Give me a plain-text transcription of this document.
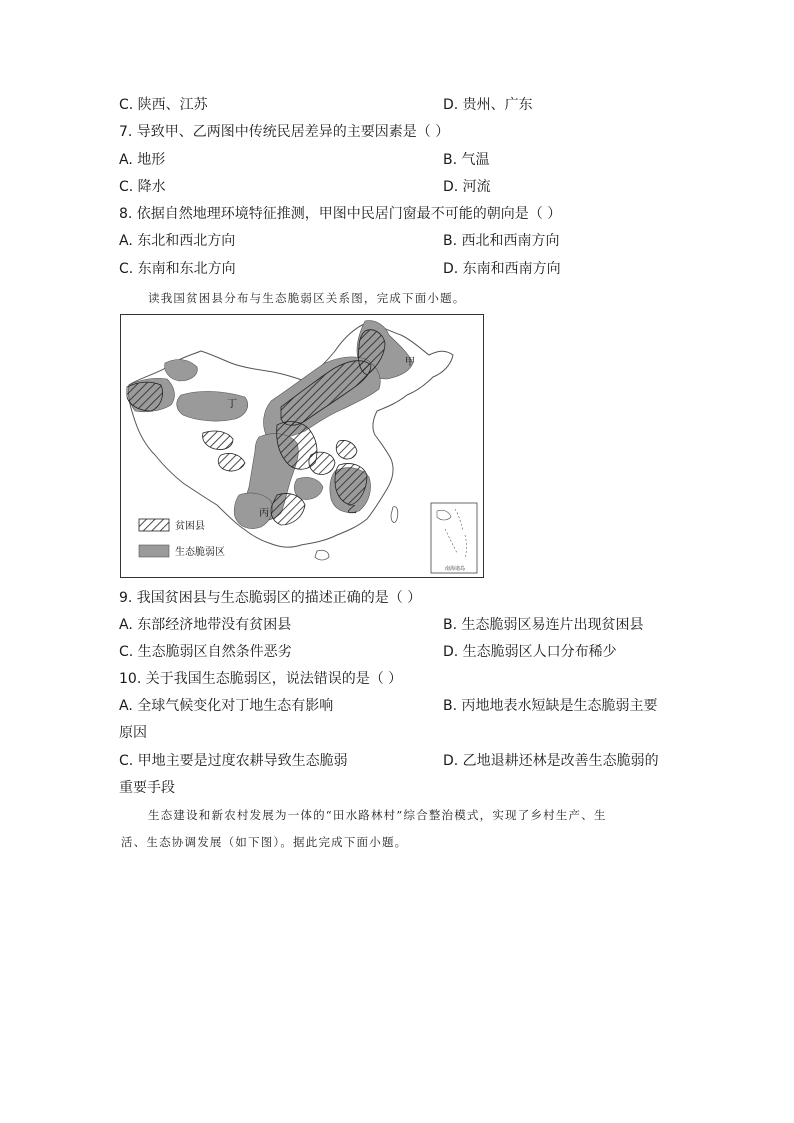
C. 陕西、江苏	D. 贵州、广东
7. 导致甲、乙两图中传统民居差异的主要因素是（ ）
A. 地形	B. 气温
C. 降水	D. 河流
8. 依据自然地理环境特征推测，甲图中民居门窗最不可能的朝向是（ ）
A. 东北和西北方向	B. 西北和西南方向
C. 东南和东北方向	D. 东南和西南方向
读我国贫困县分布与生态脆弱区关系图，完成下面小题。
甲
乙
丙
丁
贫困县
生态脆弱区
南海诸岛
9. 我国贫困县与生态脆弱区的描述正确的是（ ）
A. 东部经济地带没有贫困县	B. 生态脆弱区易连片出现贫困县
C. 生态脆弱区自然条件恶劣	D. 生态脆弱区人口分布稀少
10. 关于我国生态脆弱区，说法错误的是（ ）
A. 全球气候变化对丁地生态有影响	B. 丙地地表水短缺是生态脆弱主要
原因
C. 甲地主要是过度农耕导致生态脆弱	D. 乙地退耕还林是改善生态脆弱的
重要手段
生态建设和新农村发展为一体的“田水路林村”综合整治模式，实现了乡村生产、生
活、生态协调发展（如下图）。据此完成下面小题。
